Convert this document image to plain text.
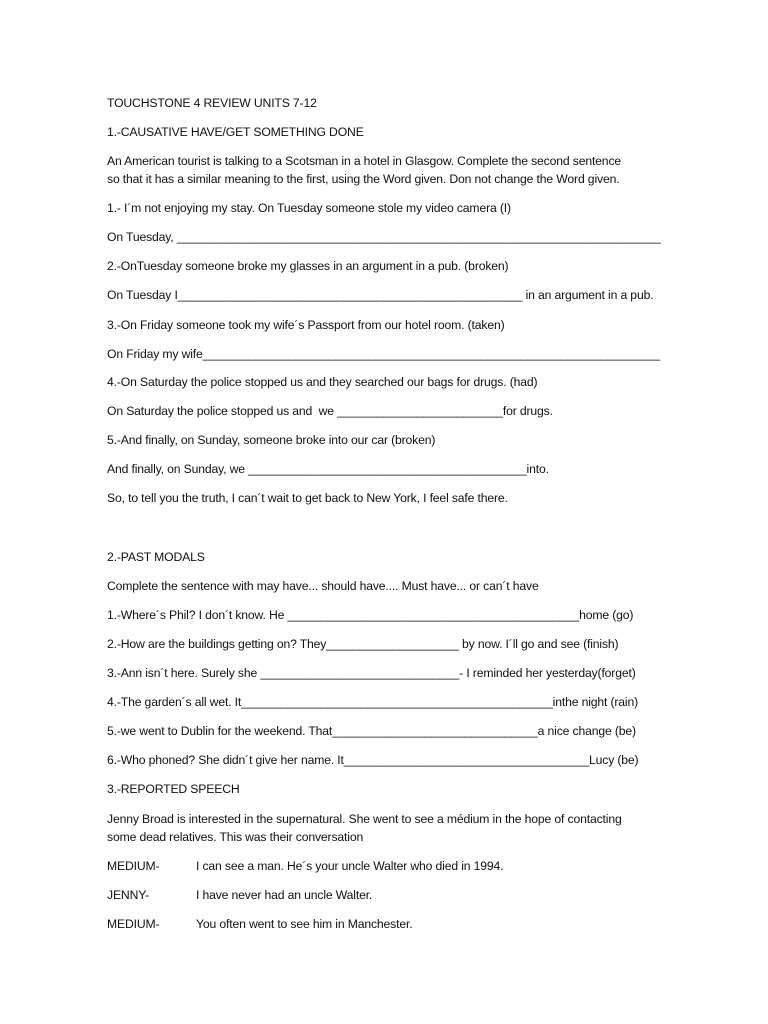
TOUCHSTONE 4 REVIEW UNITS 7-12
1.-CAUSATIVE HAVE/GET SOMETHING DONE
An American tourist is talking to a Scotsman in a hotel in Glasgow. Complete the second sentence
so that it has a similar meaning to the first, using the Word given. Don not change the Word given.
1.- I´m not enjoying my stay. On Tuesday someone stole my video camera (I)
On Tuesday, _________________________________________________________________________
2.-OnTuesday someone broke my glasses in an argument in a pub. (broken)
On Tuesday I____________________________________________________ in an argument in a pub.
3.-On Friday someone took my wife´s Passport from our hotel room. (taken)
On Friday my wife_____________________________________________________________________
4.-On Saturday the police stopped us and they searched our bags for drugs. (had)
On Saturday the police stopped us and  we _________________________for drugs.
5.-And finally, on Sunday, someone broke into our car (broken)
And finally, on Sunday, we __________________________________________into.
So, to tell you the truth, I can´t wait to get back to New York, I feel safe there.
2.-PAST MODALS
Complete the sentence with may have... should have.... Must have... or can´t have
1.-Where´s Phil? I don´t know. He ____________________________________________home (go)
2.-How are the buildings getting on? They____________________ by now. I´ll go and see (finish)
3.-Ann isn´t here. Surely she ______________________________- I reminded her yesterday(forget)
4.-The garden´s all wet. It_______________________________________________inthe night (rain)
5.-we went to Dublin for the weekend. That_______________________________a nice change (be)
6.-Who phoned? She didn´t give her name. It_____________________________________Lucy (be)
3.-REPORTED SPEECH
Jenny Broad is interested in the supernatural. She went to see a médium in the hope of contacting
some dead relatives. This was their conversation
MEDIUM-	I can see a man. He´s your uncle Walter who died in 1994.
JENNY-	I have never had an uncle Walter.
MEDIUM-	You often went to see him in Manchester.
